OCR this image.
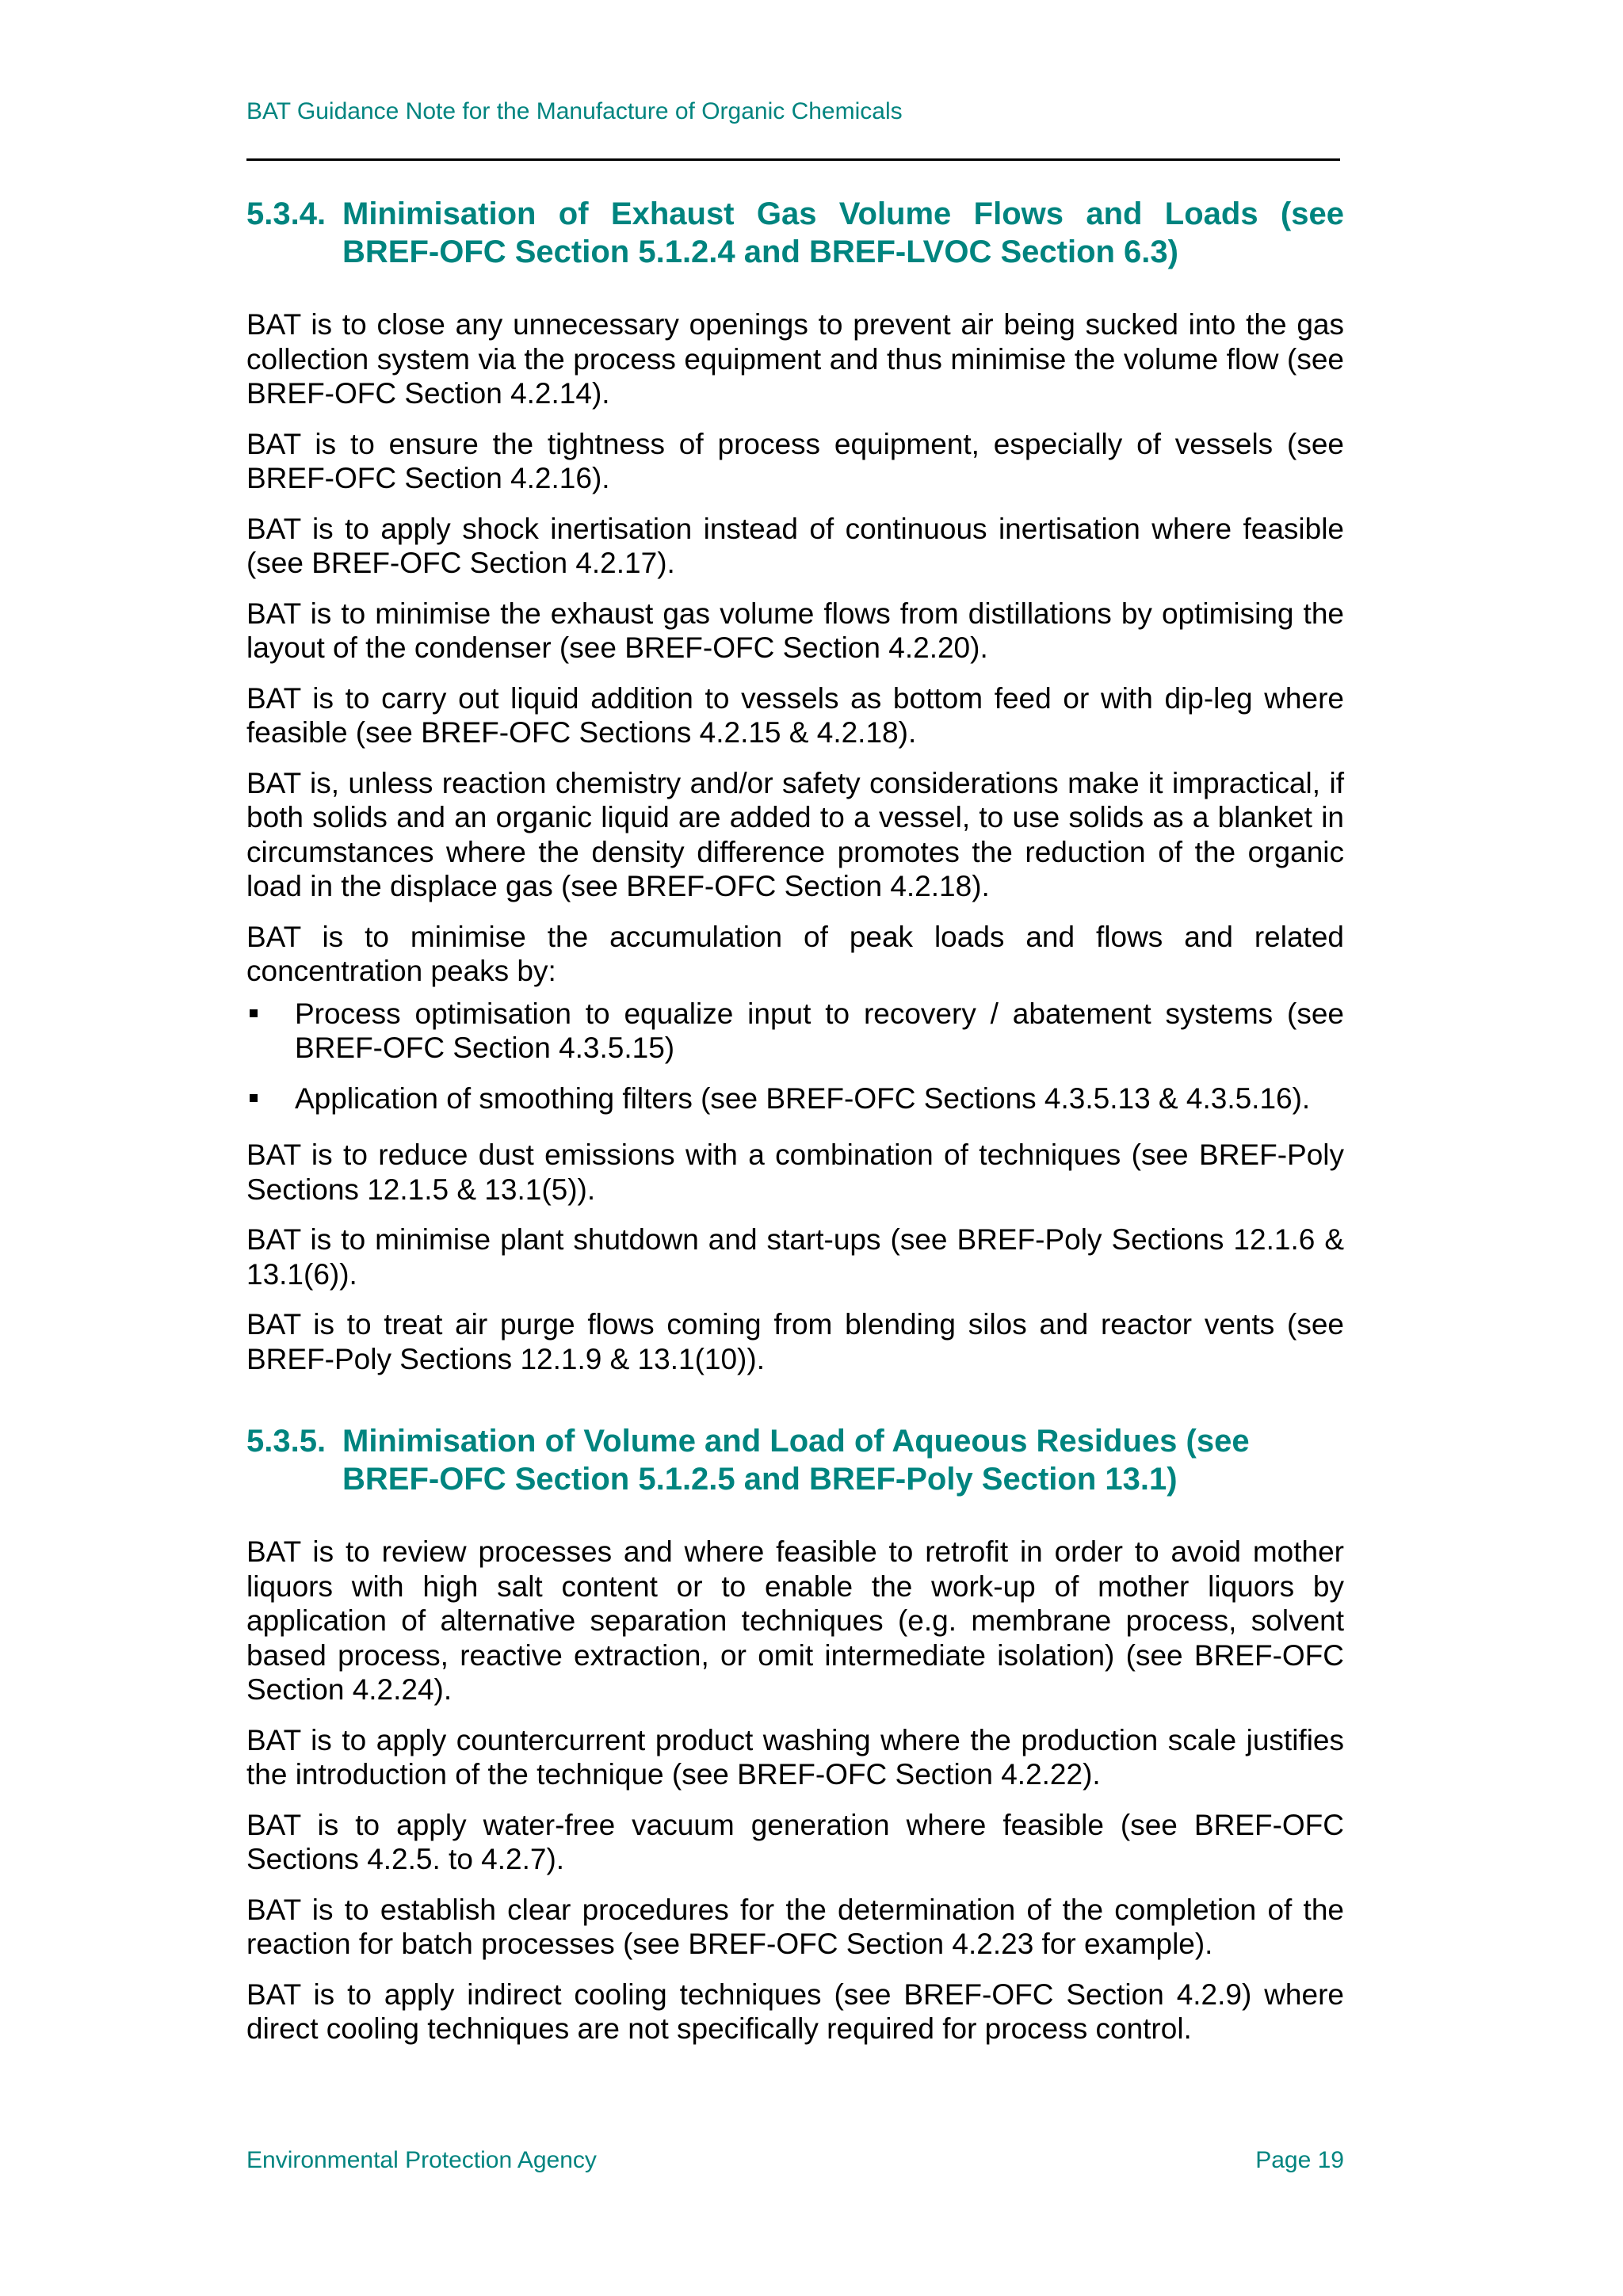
BAT Guidance Note for the Manufacture of Organic Chemicals
5.3.4. Minimisation of Exhaust Gas Volume Flows and Loads (see
BREF-OFC Section 5.1.2.4 and BREF-LVOC Section 6.3)

BAT is to close any unnecessary openings to prevent air being sucked into the gas collection system via the process equipment and thus minimise the volume flow (see BREF-OFC Section 4.2.14).

BAT is to ensure the tightness of process equipment, especially of vessels (see BREF-OFC Section 4.2.16).

BAT is to apply shock inertisation instead of continuous inertisation where feasible (see BREF-OFC Section 4.2.17).

BAT is to minimise the exhaust gas volume flows from distillations by optimising the layout of the condenser (see BREF-OFC Section 4.2.20).

BAT is to carry out liquid addition to vessels as bottom feed or with dip-leg where feasible (see BREF-OFC Sections 4.2.15 & 4.2.18).

BAT is, unless reaction chemistry and/or safety considerations make it impractical, if both solids and an organic liquid are added to a vessel, to use solids as a blanket in circumstances where the density difference promotes the reduction of the organic load in the displace gas (see BREF-OFC Section 4.2.18).

BAT is to minimise the accumulation of peak loads and flows and related concentration peaks by:

Process optimisation to equalize input to recovery / abatement systems (see BREF-OFC Section 4.3.5.15)
Application of smoothing filters (see BREF-OFC Sections 4.3.5.13 & 4.3.5.16).

BAT is to reduce dust emissions with a combination of techniques (see BREF-Poly Sections 12.1.5 & 13.1(5)).

BAT is to minimise plant shutdown and start-ups (see BREF-Poly Sections 12.1.6 & 13.1(6)).

BAT is to treat air purge flows coming from blending silos and reactor vents (see BREF-Poly Sections 12.1.9 & 13.1(10)).

5.3.5. Minimisation of Volume and Load of Aqueous Residues (see
BREF-OFC Section 5.1.2.5 and BREF-Poly Section 13.1)

BAT is to review processes and where feasible to retrofit in order to avoid mother liquors with high salt content or to enable the work-up of mother liquors by application of alternative separation techniques (e.g. membrane process, solvent based process, reactive extraction, or omit intermediate isolation) (see BREF-OFC Section 4.2.24).

BAT is to apply countercurrent product washing where the production scale justifies the introduction of the technique (see BREF-OFC Section 4.2.22).

BAT is to apply water-free vacuum generation where feasible (see BREF-OFC Sections 4.2.5. to 4.2.7).

BAT is to establish clear procedures for the determination of the completion of the reaction for batch processes (see BREF-OFC Section 4.2.23 for example).

BAT is to apply indirect cooling techniques (see BREF-OFC Section 4.2.9) where direct cooling techniques are not specifically required for process control.

Environmental Protection Agency	Page 19
